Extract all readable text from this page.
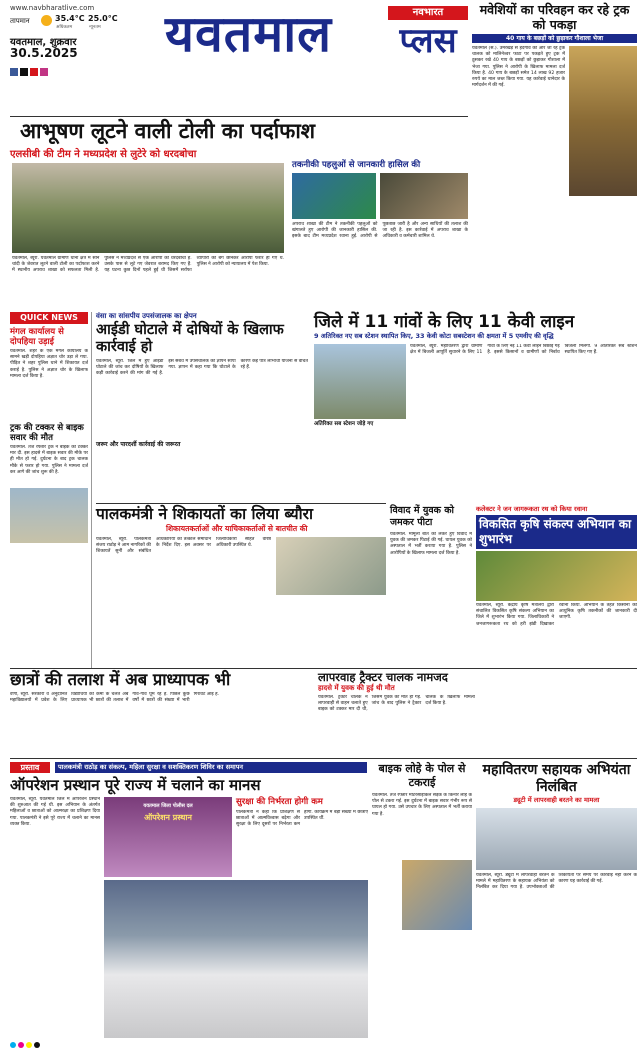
www.navbharatlive.com
तापमान	35.4°C 25.0°C
अधिकतम	न्यूनतम
यवतमाल, शुक्रवार
30.5.2025 यवतमाल	नवभारत
प्लस
मवेशियों का परिवहन कर रहे ट्रक को पकड़ा
40 गाय के बछड़ों को छुड़ाकर गौशाला भेजा
यवतमाल (सं.). उमरखेड़ से हदगांव की ओर जा रहे ट्रक चालक को मालिनेश्वर फाटा पर पकड़ते हुए ट्रक में ठूसकर रखे 40 गाय के बछड़ों को छुड़ाकर गौशाला में भेजा गया. पुलिस ने आरोपी के खिलाफ मामला दर्ज किया है. 40 गाय के बछड़ों समेत 14 लाख 92 हजार रुपये का माल जब्त किया गया. यह कार्रवाई थानेदार के मार्गदर्शन में की गई.
आभूषण लूटने वाली टोली का पर्दाफाश
एलसीबी की टीम ने मध्यप्रदेश से लुटेरे को धरदबोचा
यवतमाल, ब्यूरो. यवतमाल ग्रामीण थाना क्षेत्र में सोने चांदी के जेवरात लूटने वाली टोली का पर्दाफाश करने में स्थानीय अपराध शाखा को सफलता मिली है. पुलिस ने मध्यप्रदेश से एक आरोपी को धरदबोचा है. उसके पास से लूटे गए जेवरात बरामद किए गए हैं. यह घटना कुछ दिनों पहले हुई थी जिसमें सर्राफा व्यापारी की बैग छीनकर आरोपी फरार हो गए थे. पुलिस ने आरोपी को न्यायालय में पेश किया.
तकनीकी पहलुओं से जानकारी हासिल की
अपराध शाखा की टीम ने तकनीकी पहलुओं को खंगालते हुए आरोपी की जानकारी हासिल की. इसके बाद टीम मध्यप्रदेश रवाना हुई. आरोपी से पूछताछ जारी है और अन्य साथियों की तलाश की जा रही है. इस कार्रवाई में अपराध शाखा के अधिकारी व कर्मचारी शामिल थे.
QUICK NEWS
मंगल कार्यालय से दोपहिया उड़ाई
यवतमाल. शहर के एक मंगल कार्यालय के सामने खड़ी दोपहिया अज्ञात चोर उड़ा ले गया. पीड़ित ने शहर पुलिस थाने में शिकायत दर्ज कराई है. पुलिस ने अज्ञात चोर के खिलाफ मामला दर्ज किया है.
ट्रक की टक्कर से बाइक सवार की मौत
यवतमाल. तेज रफ्तार ट्रक ने बाइक को टक्कर मार दी. इस हादसे में बाइक सवार की मौके पर ही मौत हो गई. दुर्घटना के बाद ट्रक चालक मौके से फरार हो गया. पुलिस ने मामला दर्ज कर आगे की जांच शुरू की है.
वंसा का सांसपीय उपसंजालक का क्षेपन
आईडी घोटाले में दोषियों के खिलाफ कार्रवाई हो
यवतमाल, ब्यूरो. जिले में हुए आईडी घोटाले की जांच कर दोषियों के खिलाफ कड़ी कार्रवाई करने की मांग की गई है. इस संबंध में उपसंचालक को ज्ञापन सौंपा गया. ज्ञापन में कहा गया कि घोटाले के कारण कई पात्र लाभार्थी योजना से वंचित रहे हैं.
जरूर और पारदर्शी कार्रवाई की जरूरत
जिले में 11 गांवों के लिए 11 केवी लाइन
9 अतिरिक्त नए सब स्टेशन स्थापित किए, 33 केवी कोटा सबस्टेशन की क्षमता में 5 एमवीए की वृद्धि
यवतमाल, ब्यूरो. महावितरण द्वारा ग्रामीण क्षेत्र में बिजली आपूर्ति सुधारने के लिए 11 गांवों के लिए नई 11 केवी लाइन बिछाई गई है. इससे किसानों व ग्रामीणों को निर्बाध बिजली मिलेगी. 9 अतिरिक्त सब स्टेशन स्थापित किए गए हैं.
अतिरिक्त सब स्टेशन जोड़े गए
पालकमंत्री ने शिकायतों का लिया ब्यौरा
शिकायतकर्ताओं और याचिकाकर्ताओं से बातचीत की
यवतमाल, ब्यूरो. पालकमंत्री संजय राठोड़ ने आम नागरिकों की शिकायतें सुनीं और संबंधित अधिकारियों को तत्काल समाधान के निर्देश दिए. इस अवसर पर जिलाधिकारी सहित वरिष्ठ अधिकारी उपस्थित थे.
विवाद में युवक को जमकर पीटा
यवतमाल. मामूली बात को लेकर हुए विवाद में युवक की जमकर पिटाई की गई. घायल युवक को अस्पताल में भर्ती कराया गया है. पुलिस ने आरोपियों के खिलाफ मामला दर्ज किया है.
कलेक्टर ने जन जागरूकता रथ को किया रवाना
विकसित कृषि संकल्प अभियान का शुभारंभ
यवतमाल, ब्यूरो. केंद्रीय कृषि मंत्रालय द्वारा संचालित विकसित कृषि संकल्प अभियान का जिले में शुभारंभ किया गया. जिलाधिकारी ने जनजागरूकता रथ को हरी झंडी दिखाकर रवाना किया. अभियान के तहत किसानों को आधुनिक कृषि तकनीकों की जानकारी दी जाएगी.
छात्रों की तलाश में अब प्राध्यापक भी
वणी, ब्यूरो. सरकारी व अनुदानित महाविद्यालयों में प्रवेश के लिए विद्यार्थियों की कमी के चलते अब प्राध्यापक भी छात्रों की तलाश में गांव-गांव घूम रहे हैं. पिछले कुछ वर्षों में छात्रों की संख्या में भारी गिरावट आई है.
लापरवाह ट्रैक्टर चालक नामजद
हादसे में युवक की हुई थी मौत
यवतमाल. ट्रैक्टर चालक ने लापरवाही से वाहन चलाते हुए बाइक को टक्कर मार दी थी, जिसमें युवक की मौत हो गई. जांच के बाद पुलिस ने ट्रैक्टर चालक के खिलाफ मामला दर्ज किया है.
प्रस्ताव	पालकमंत्री राठोड़ का संकल्प, महिला सुरक्षा व सशक्तिकरण शिविर का समापन
ऑपरेशन प्रस्थान पूरे राज्य में चलाने का मानस
यवतमाल, ब्यूरो. यवतमाल जिले में ऑपरेशन प्रस्थान की शुरुआत की गई थी. इस अभियान के अंतर्गत महिलाओं व छात्राओं को आत्मरक्षा का प्रशिक्षण दिया गया. पालकमंत्री ने इसे पूरे राज्य में चलाने का मानस व्यक्त किया.
यवतमाल जिला पोलीस दल
ऑपरेशन प्रस्थान
सुरक्षा की निर्भरता होगी कम
पालकमंत्री ने कहा कि प्रशिक्षण से छात्राओं में आत्मविश्वास बढ़ेगा और सुरक्षा के लिए दूसरों पर निर्भरता कम होगी. कार्यक्रम में बड़ी संख्या में छात्राएं उपस्थित थीं.
बाइक लोहे के पोल से टकराई
यवतमाल. तेज रफ्तार मोटरसाइकिल सड़क के किनारे लोहे के पोल से टकरा गई. इस दुर्घटना में बाइक सवार गंभीर रूप से घायल हो गया. उसे उपचार के लिए अस्पताल में भर्ती कराया गया है.
महावितरण सहायक अभियंता निलंबित
ड्यूटी में लापरवाही बरतने का मामला
यवतमाल, ब्यूरो. ड्यूटी में लापरवाही बरतने के मामले में महावितरण के सहायक अभियंता को निलंबित कर दिया गया है. उपभोक्ताओं की शिकायतों पर समय पर कार्रवाई नहीं करने के कारण यह कार्रवाई की गई.
